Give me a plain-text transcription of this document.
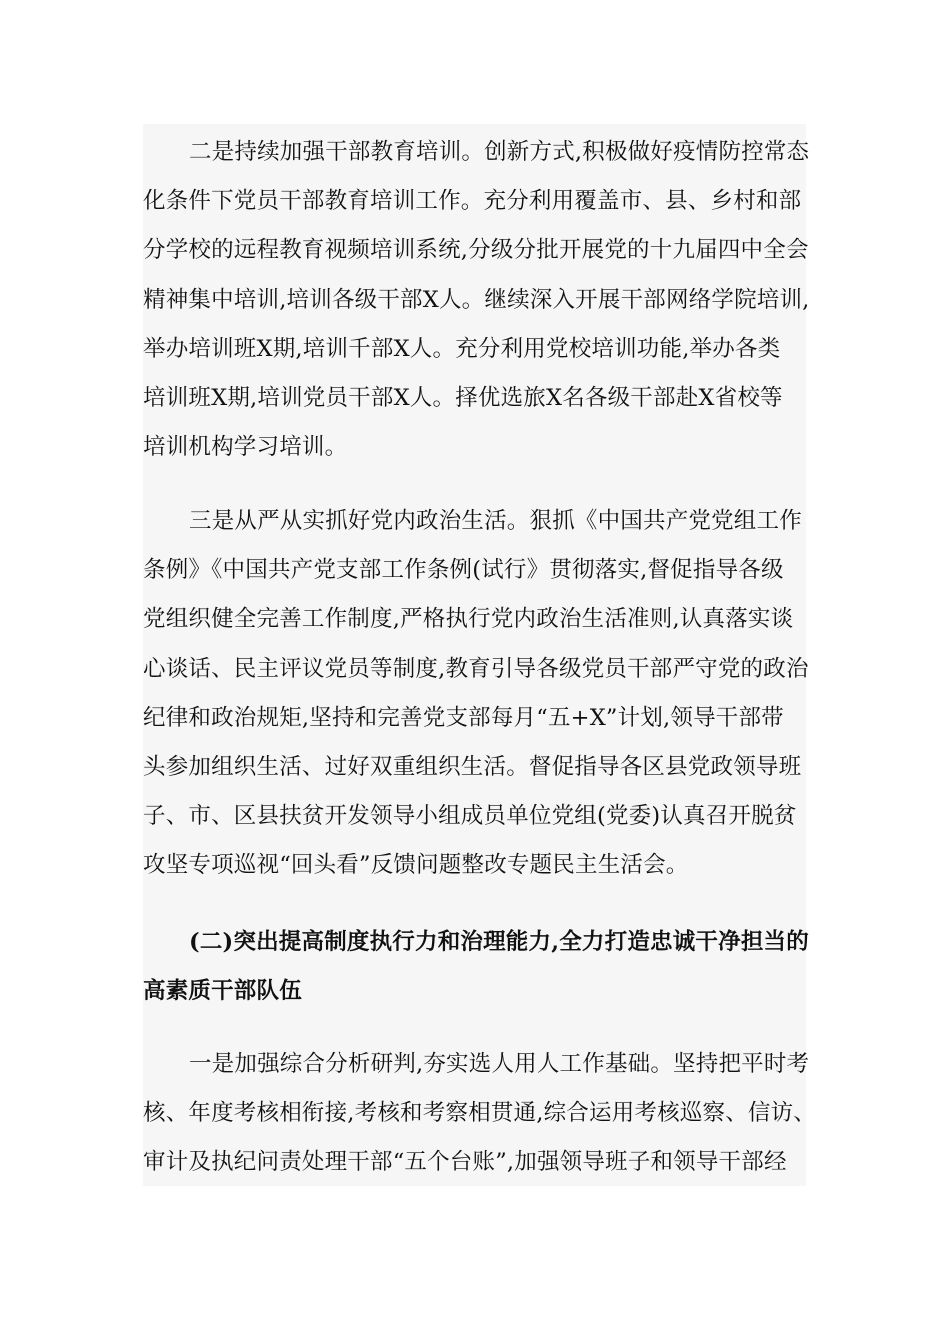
二是持续加强干部教育培训。创新方式,积极做好疫情防控常态
化条件下党员干部教育培训工作。充分利用覆盖市、县、乡村和部
分学校的远程教育视频培训系统,分级分批开展党的十九届四中全会
精神集中培训,培训各级干部X人。继续深入开展干部网络学院培训,
举办培训班X期,培训千部X人。充分利用党校培训功能,举办各类
培训班X期,培训党员干部X人。择优选旅X名各级干部赴X省校等
培训机构学习培训。
三是从严从实抓好党内政治生活。狠抓《中国共产党党组工作
条例》《中国共产党支部工作条例(试行》贯彻落实,督促指导各级
党组织健全完善工作制度,严格执行党内政治生活准则,认真落实谈
心谈话、民主评议党员等制度,教育引导各级党员干部严守党的政治
纪律和政治规矩,坚持和完善党支部每月“五+X”计划,领导干部带
头参加组织生活、过好双重组织生活。督促指导各区县党政领导班
子、市、区县扶贫开发领导小组成员单位党组(党委)认真召开脱贫
攻坚专项巡视“回头看”反馈问题整改专题民主生活会。
(二)突出提高制度执行力和治理能力,全力打造忠诚干净担当的
高素质干部队伍
一是加强综合分析研判,夯实选人用人工作基础。坚持把平时考
核、年度考核相衔接,考核和考察相贯通,综合运用考核巡察、信访、
审计及执纪问责处理干部“五个台账”,加强领导班子和领导干部经
